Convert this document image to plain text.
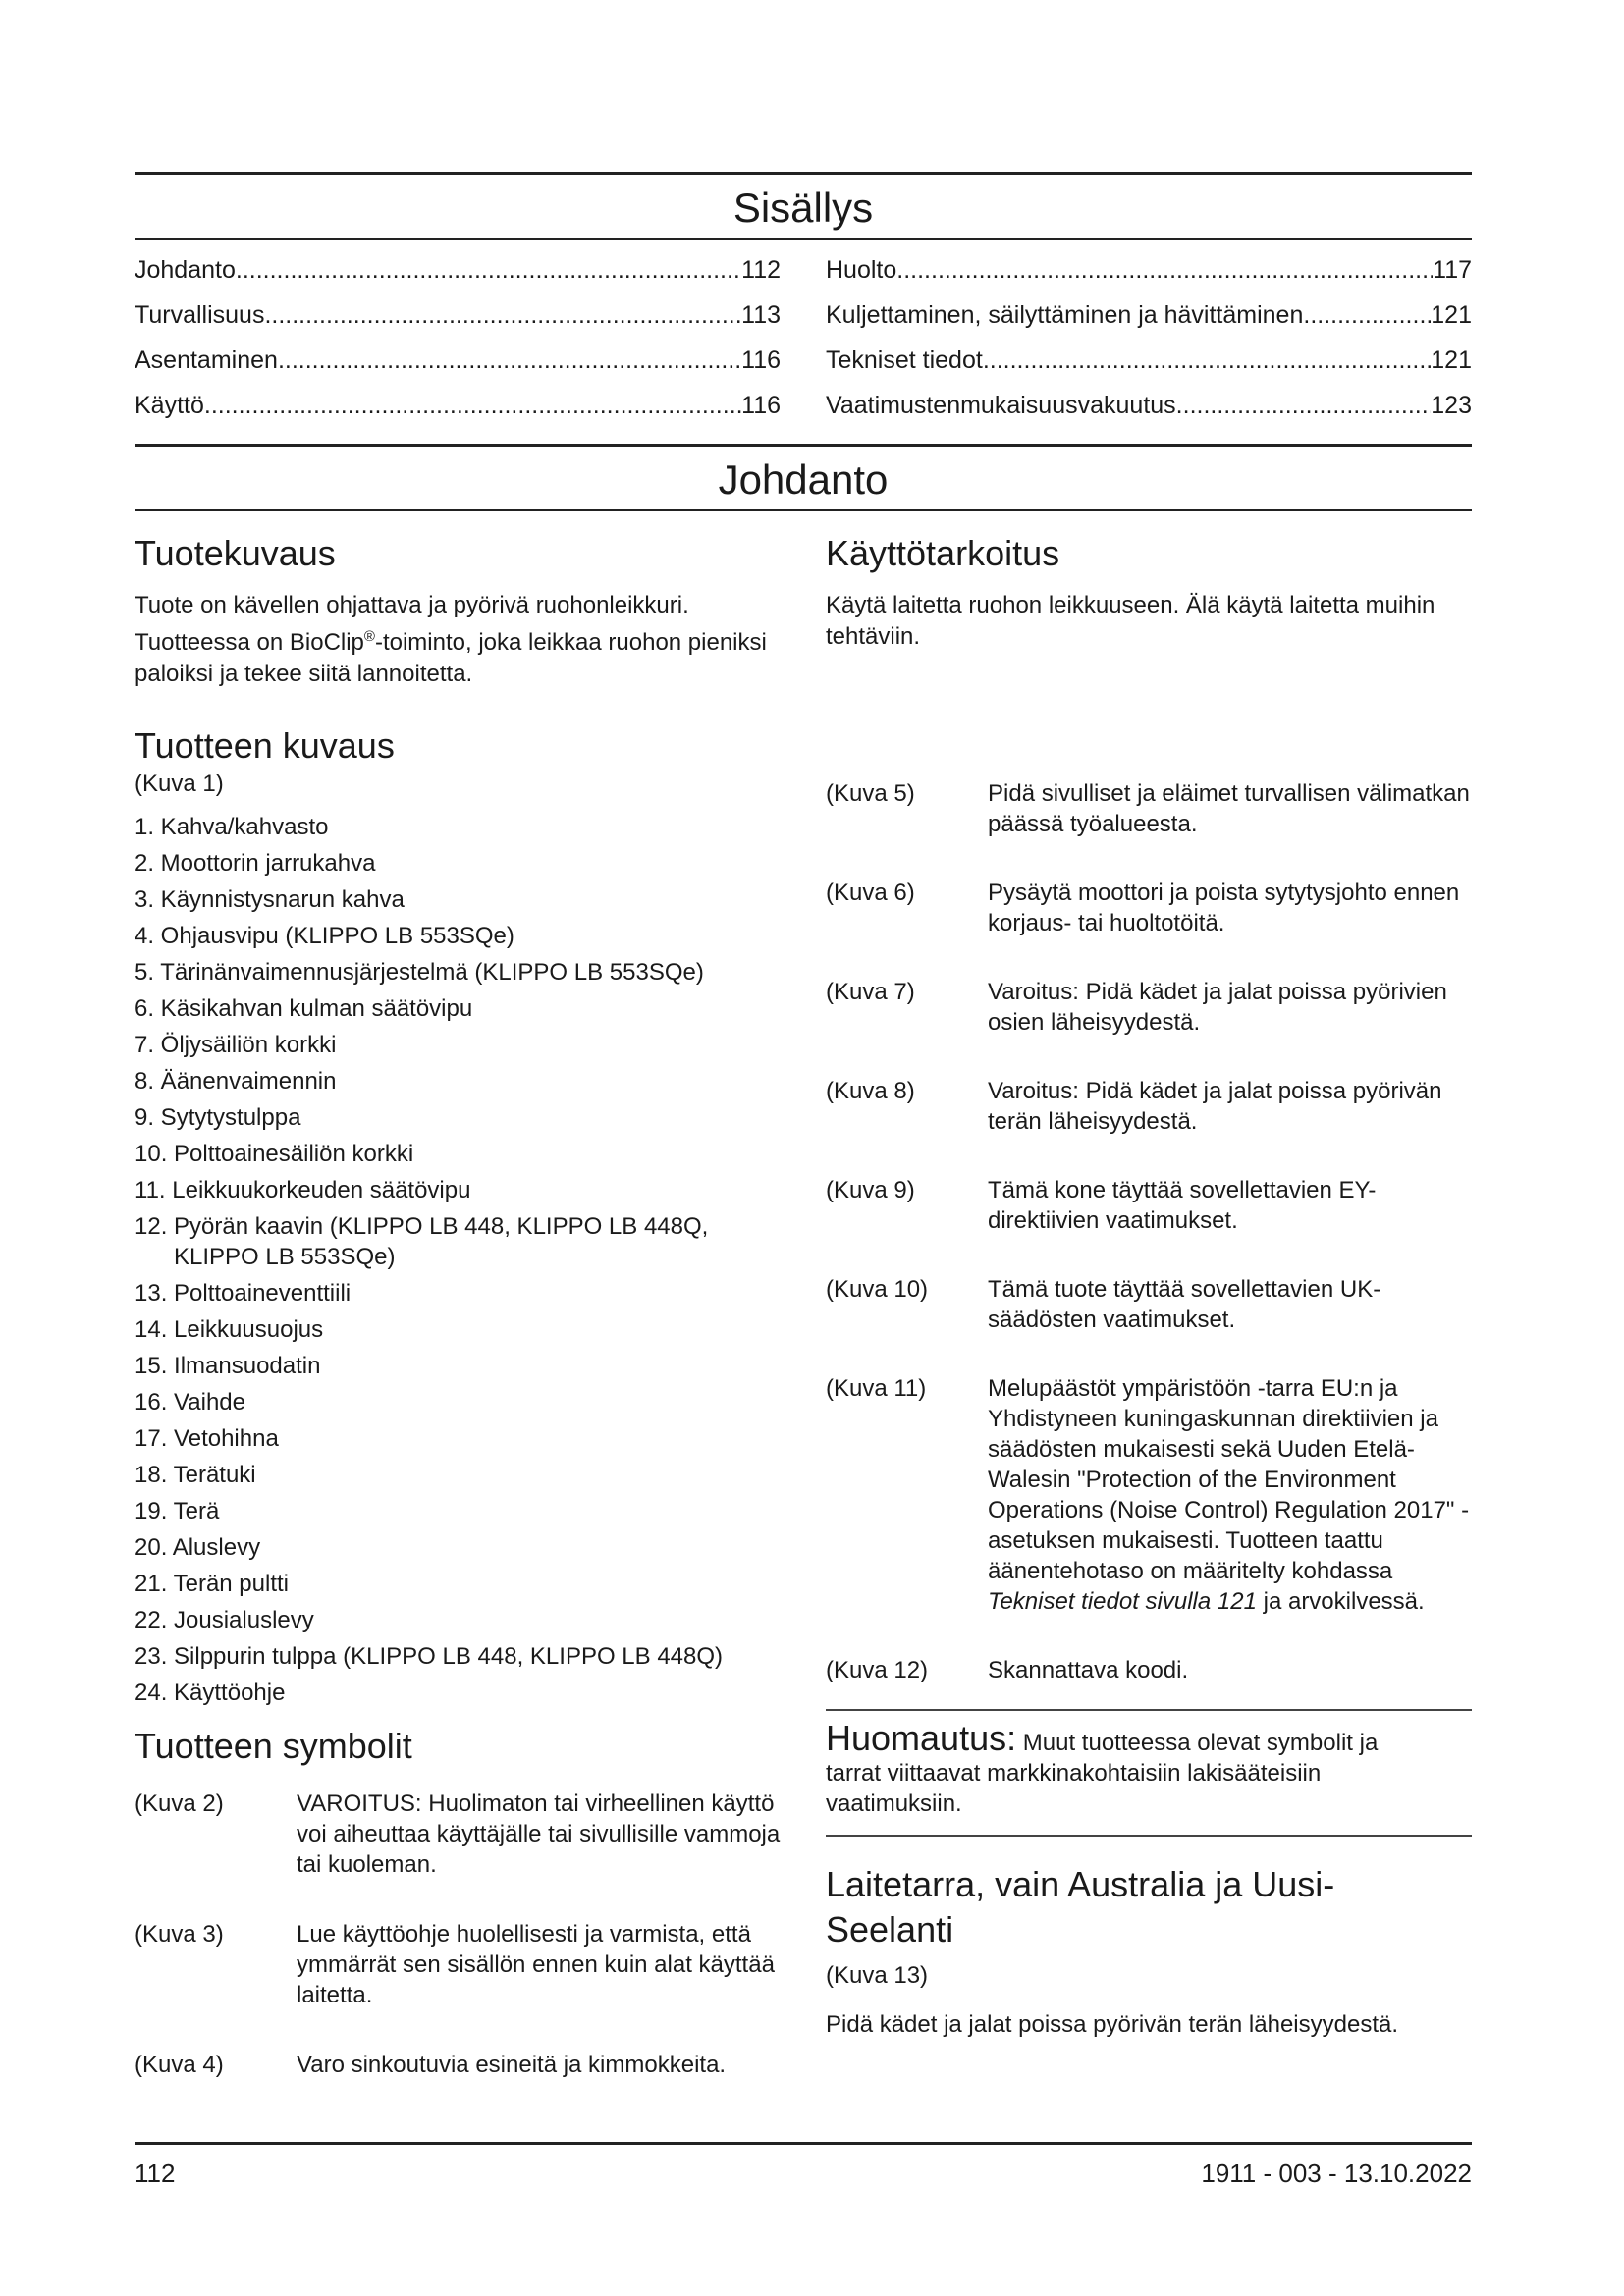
Sisällys
Johdanto .....	112
Turvallisuus .....	113
Asentaminen .....	116
Käyttö .....	116
Huolto .....	117
Kuljettaminen, säilyttäminen ja hävittäminen .....	121
Tekniset tiedot .....	121
Vaatimustenmukaisuusvakuutus .....	123
Johdanto
Tuotekuvaus

Tuote on kävellen ohjattava ja pyörivä ruohonleikkuri. Tuotteessa on BioClip®-toiminto, joka leikkaa ruohon pieniksi paloiksi ja tekee siitä lannoitetta.

Tuotteen kuvaus

(Kuva 1)

1. Kahva/kahvasto
2. Moottorin jarrukahva
3. Käynnistysnarun kahva
4. Ohjausvipu (KLIPPO LB 553SQe)
5. Tärinänvaimennusjärjestelmä (KLIPPO LB 553SQe)
6. Käsikahvan kulman säätövipu
7. Öljysäiliön korkki
8. Äänenvaimennin
9. Sytytystulppa
10. Polttoainesäiliön korkki
11. Leikkuukorkeuden säätövipu
12. Pyörän kaavin (KLIPPO LB 448, KLIPPO LB 448Q, KLIPPO LB 553SQe)
13. Polttoaineventtiili
14. Leikkuusuojus
15. Ilmansuodatin
16. Vaihde
17. Vetohihna
18. Terätuki
19. Terä
20. Aluslevy
21. Terän pultti
22. Jousialuslevy
23. Silppurin tulppa (KLIPPO LB 448, KLIPPO LB 448Q)
24. Käyttöohje
Tuotteen symbolit
(Kuva 2)	VAROITUS: Huolimaton tai virheellinen käyttö voi aiheuttaa käyttäjälle tai sivullisille vammoja tai kuoleman.
(Kuva 3)	Lue käyttöohje huolellisesti ja varmista, että ymmärrät sen sisällön ennen kuin alat käyttää laitetta.
(Kuva 4)	Varo sinkoutuvia esineitä ja kimmokkeita.
Käyttötarkoitus

Käytä laitetta ruohon leikkuuseen. Älä käytä laitetta muihin tehtäviin.

(Kuva 5)	Pidä sivulliset ja eläimet turvallisen välimatkan päässä työalueesta.
(Kuva 6)	Pysäytä moottori ja poista sytytysjohto ennen korjaus- tai huoltotöitä.
(Kuva 7)	Varoitus: Pidä kädet ja jalat poissa pyörivien osien läheisyydestä.
(Kuva 8)	Varoitus: Pidä kädet ja jalat poissa pyörivän terän läheisyydestä.
(Kuva 9)	Tämä kone täyttää sovellettavien EY-direktiivien vaatimukset.
(Kuva 10)	Tämä tuote täyttää sovellettavien UK-säädösten vaatimukset.
(Kuva 11)	Melupäästöt ympäristöön -tarra EU:n ja Yhdistyneen kuningaskunnan direktiivien ja säädösten mukaisesti sekä Uuden Etelä-Walesin "Protection of the Environment Operations (Noise Control) Regulation 2017" -asetuksen mukaisesti. Tuotteen taattu äänentehotaso on määritelty kohdassa Tekniset tiedot sivulla 121 ja arvokilvessä.
(Kuva 12)	Skannattava koodi.
Huomautus: Muut tuotteessa olevat symbolit ja tarrat viittaavat markkinakohtaisiin lakisääteisiin vaatimuksiin.
Laitetarra, vain Australia ja Uusi-Seelanti

(Kuva 13)

Pidä kädet ja jalat poissa pyörivän terän läheisyydestä.

112	1911 - 003 - 13.10.2022
